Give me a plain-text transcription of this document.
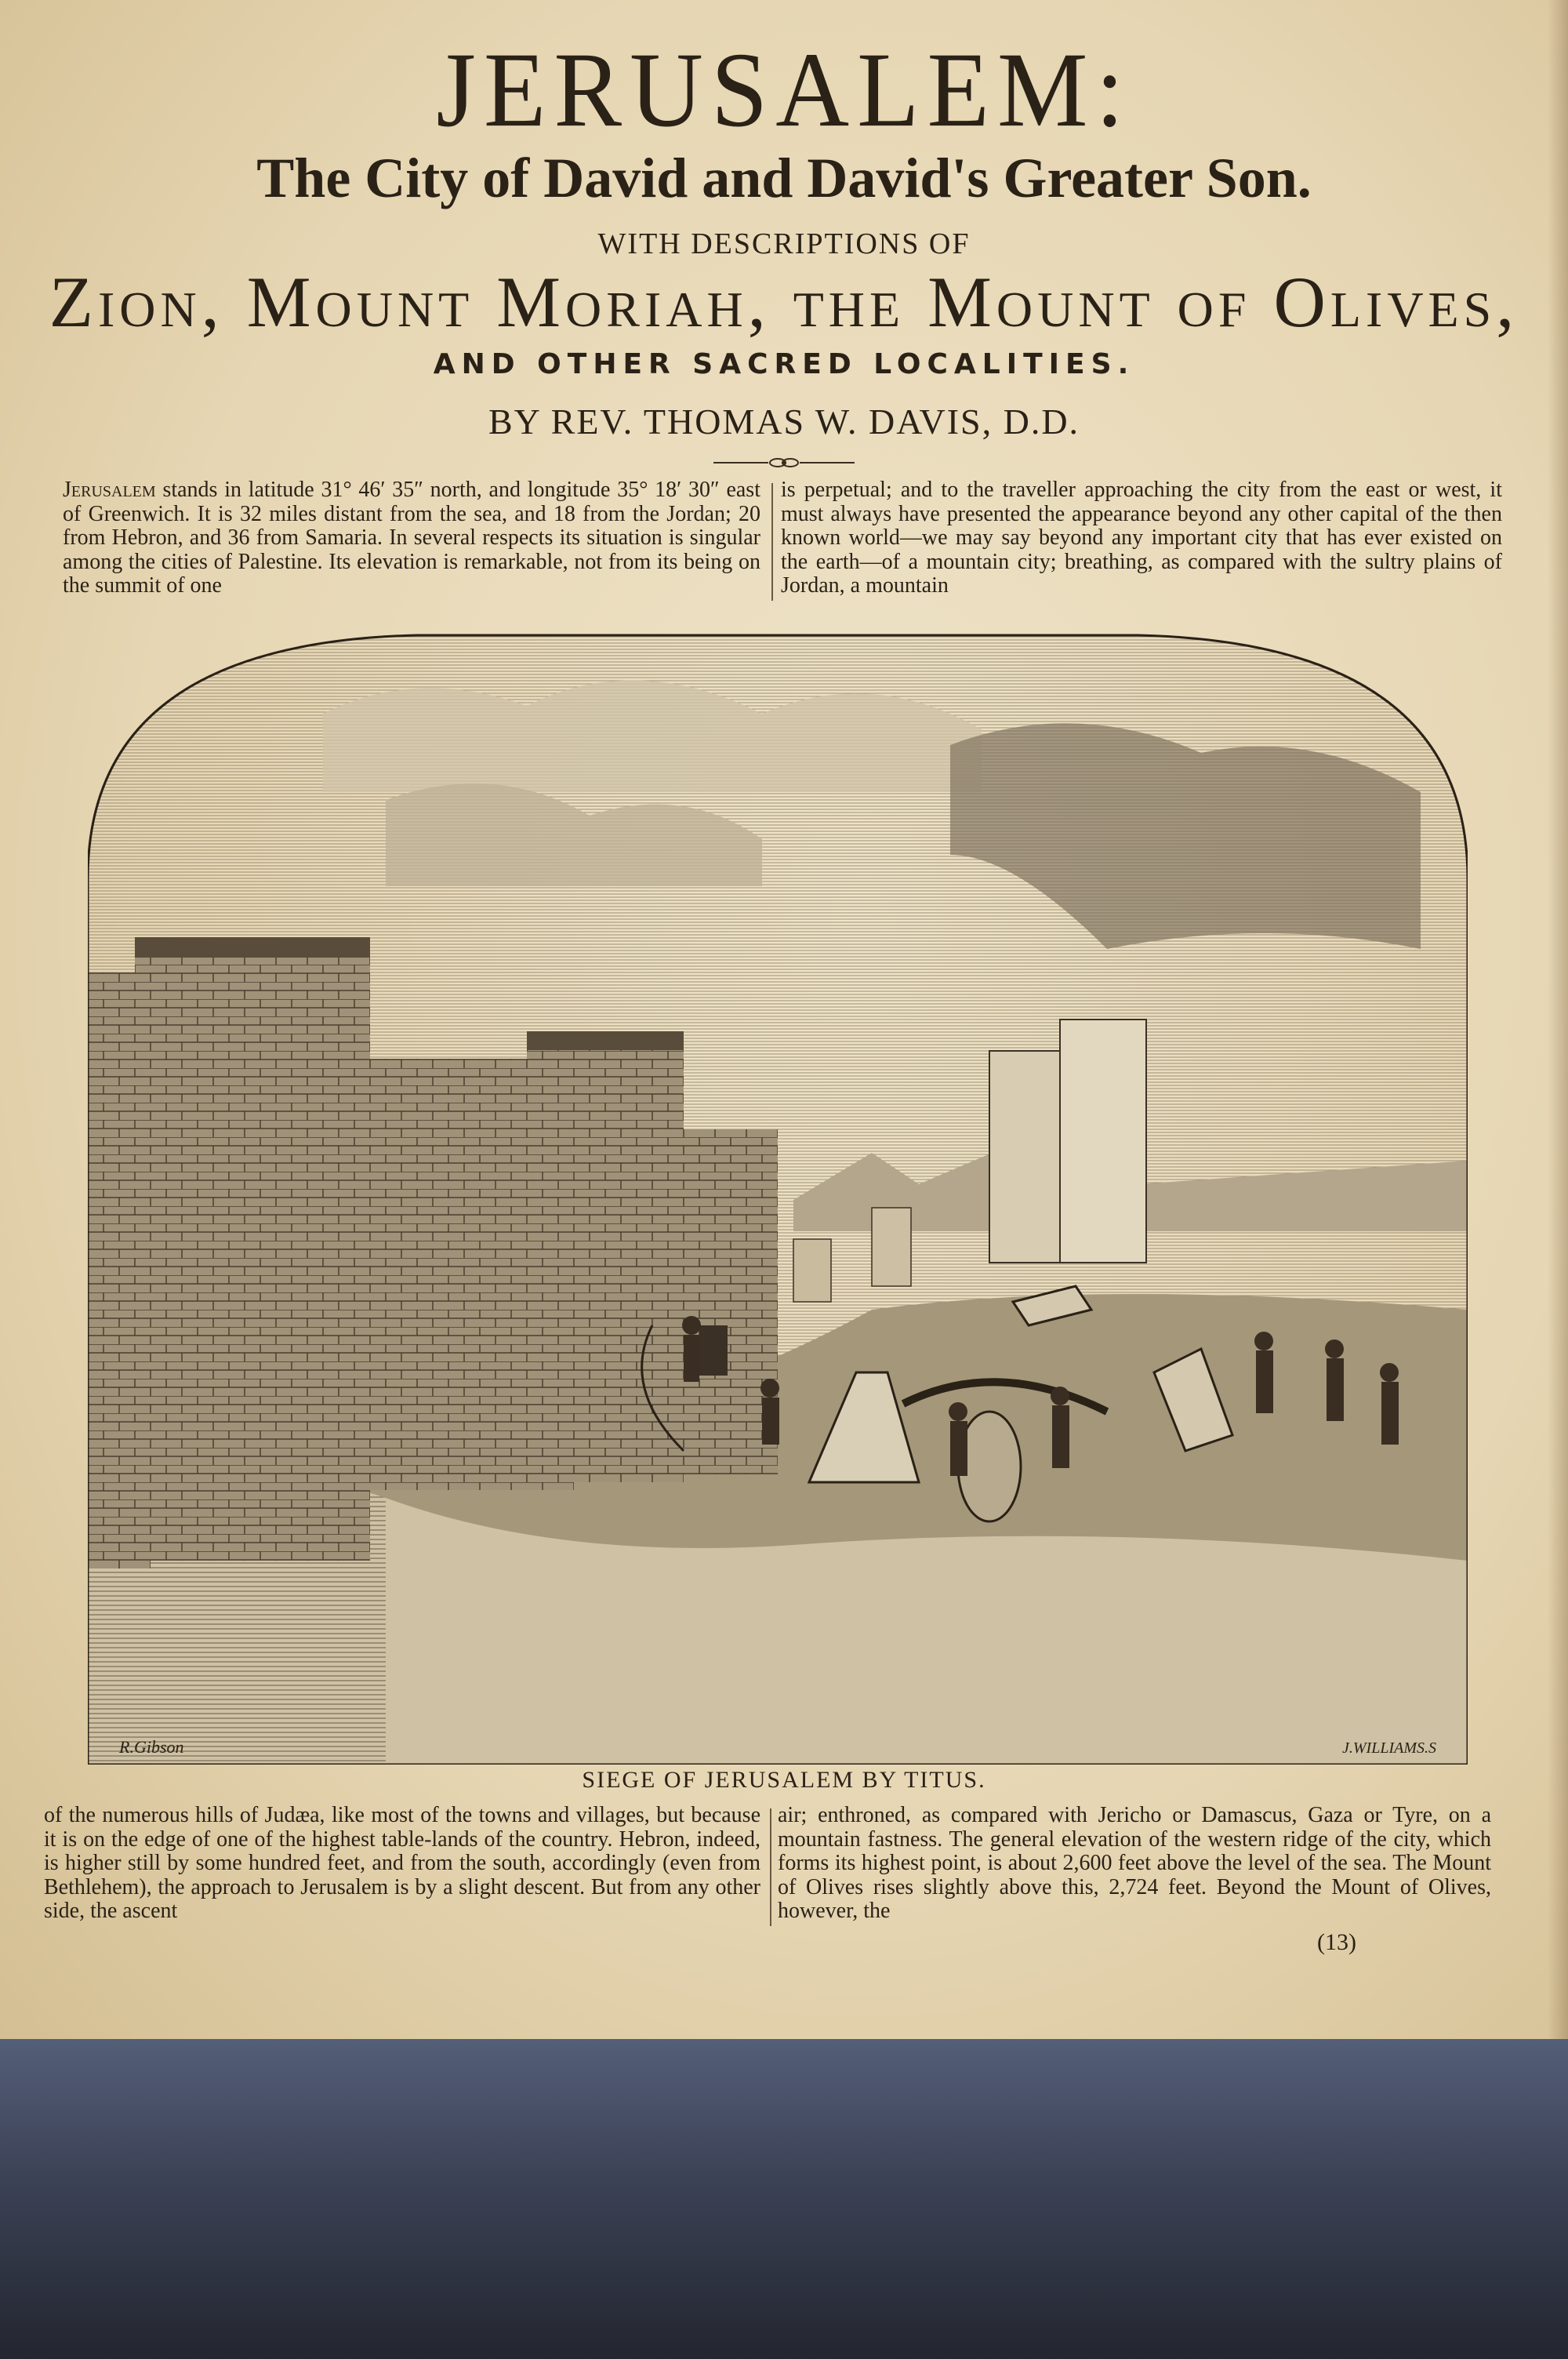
JERUSALEM:
The City of David and David's Greater Son.
WITH DESCRIPTIONS OF
Zion, Mount Moriah, the Mount of Olives,
AND OTHER SACRED LOCALITIES.
BY REV. THOMAS W. DAVIS, D.D.
Jerusalem stands in latitude 31° 46′ 35″ north, and longitude 35° 18′ 30″ east of Greenwich. It is 32 miles distant from the sea, and 18 from the Jordan; 20 from Hebron, and 36 from Samaria. In several respects its situation is singular among the cities of Palestine. Its elevation is remarkable, not from its being on the summit of one
is perpetual; and to the traveller approaching the city from the east or west, it must always have presented the appearance beyond any other capital of the then known world—we may say beyond any important city that has ever existed on the earth—of a mountain city; breathing, as compared with the sultry plains of Jordan, a mountain
R.Gibson	J.WILLIAMS.S
SIEGE OF JERUSALEM BY TITUS.
of the numerous hills of Judæa, like most of the towns and villages, but because it is on the edge of one of the highest table-lands of the country. Hebron, indeed, is higher still by some hundred feet, and from the south, accordingly (even from Bethlehem), the approach to Jerusalem is by a slight descent. But from any other side, the ascent
air; enthroned, as compared with Jericho or Damascus, Gaza or Tyre, on a mountain fastness. The general elevation of the western ridge of the city, which forms its highest point, is about 2,600 feet above the level of the sea. The Mount of Olives rises slightly above this, 2,724 feet. Beyond the Mount of Olives, however, the
(13)
